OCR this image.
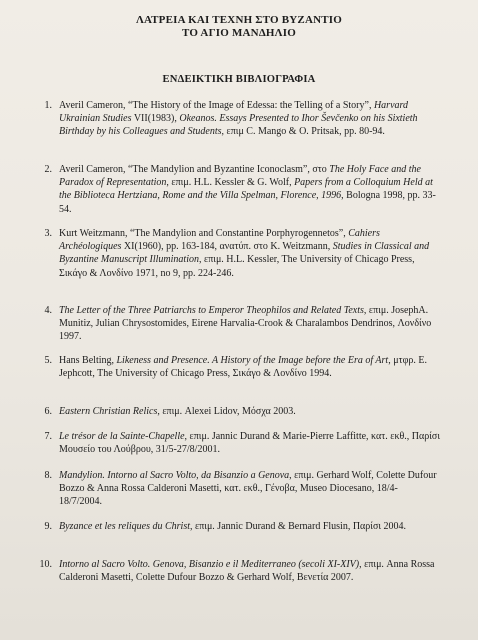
ΛΑΤΡΕΙΑ ΚΑΙ ΤΕΧΝΗ ΣΤΟ ΒΥΖΑΝΤΙΟ
ΤΟ ΑΓΙΟ ΜΑΝΔΗΛΙΟ
ΕΝΔΕΙΚΤΙΚΗ ΒΙΒΛΙΟΓΡΑΦΙΑ
1. Averil Cameron, “The History of the Image of Edessa: the Telling of a Story”, Harvard Ukrainian Studies VII(1983), Okeanos. Essays Presented to Ihor Ševčenko on his Sixtieth Birthday by his Colleagues and Students, επιμ C. Mango & O. Pritsak, pp. 80-94.
2. Averil Cameron, “The Mandylion and Byzantine Iconoclasm”, στο The Holy Face and the Paradox of Representation, επιμ. H.L. Kessler & G. Wolf, Papers from a Colloquium Held at the Biblioteca Hertziana, Rome and the Villa Spelman, Florence, 1996, Bologna 1998, pp. 33-54.
3. Kurt Weitzmann, “The Mandylion and Constantine Porphyrogennetos”, Cahiers Archéologiques XI(1960), pp. 163-184, ανατύπ. στο K. Weitzmann, Studies in Classical and Byzantine Manuscript Illumination, επιμ. H.L. Kessler, The University of Chicago Press, Σικάγο & Λονδίνο 1971, no 9, pp. 224-246.
4. The Letter of the Three Patriarchs to Emperor Theophilos and Related Texts, επιμ. JosephA. Munitiz, Julian Chrysostomides, Eirene Harvalia-Crook & Charalambos Dendrinos, Λονδίνο 1997.
5. Hans Belting, Likeness and Presence. A History of the Image before the Era of Art, μτφρ. E. Jephcott, The University of Chicago Press, Σικάγο & Λονδίνο 1994.
6. Eastern Christian Relics, επιμ. Alexei Lidov, Μόσχα 2003.
7. Le trésor de la Sainte-Chapelle, επιμ. Jannic Durand & Marie-Pierre Laffitte, κατ. εκθ., Παρίσι Μουσείο του Λούβρου, 31/5-27/8/2001.
8. Mandylion. Intorno al Sacro Volto, da Bisanzio a Genova, επιμ. Gerhard Wolf, Colette Dufour Bozzo & Anna Rossa Calderoni Masetti, κατ. εκθ., Γένοβα, Museo Diocesano, 18/4-18/7/2004.
9. Byzance et les reliques du Christ, επιμ. Jannic Durand & Bernard Flusin, Παρίσι 2004.
10. Intorno al Sacro Volto. Genova, Bisanzio e il Mediterraneo (secoli XI-XIV), επιμ. Anna Rossa Calderoni Masetti, Colette Dufour Bozzo & Gerhard Wolf, Βενετία 2007.
